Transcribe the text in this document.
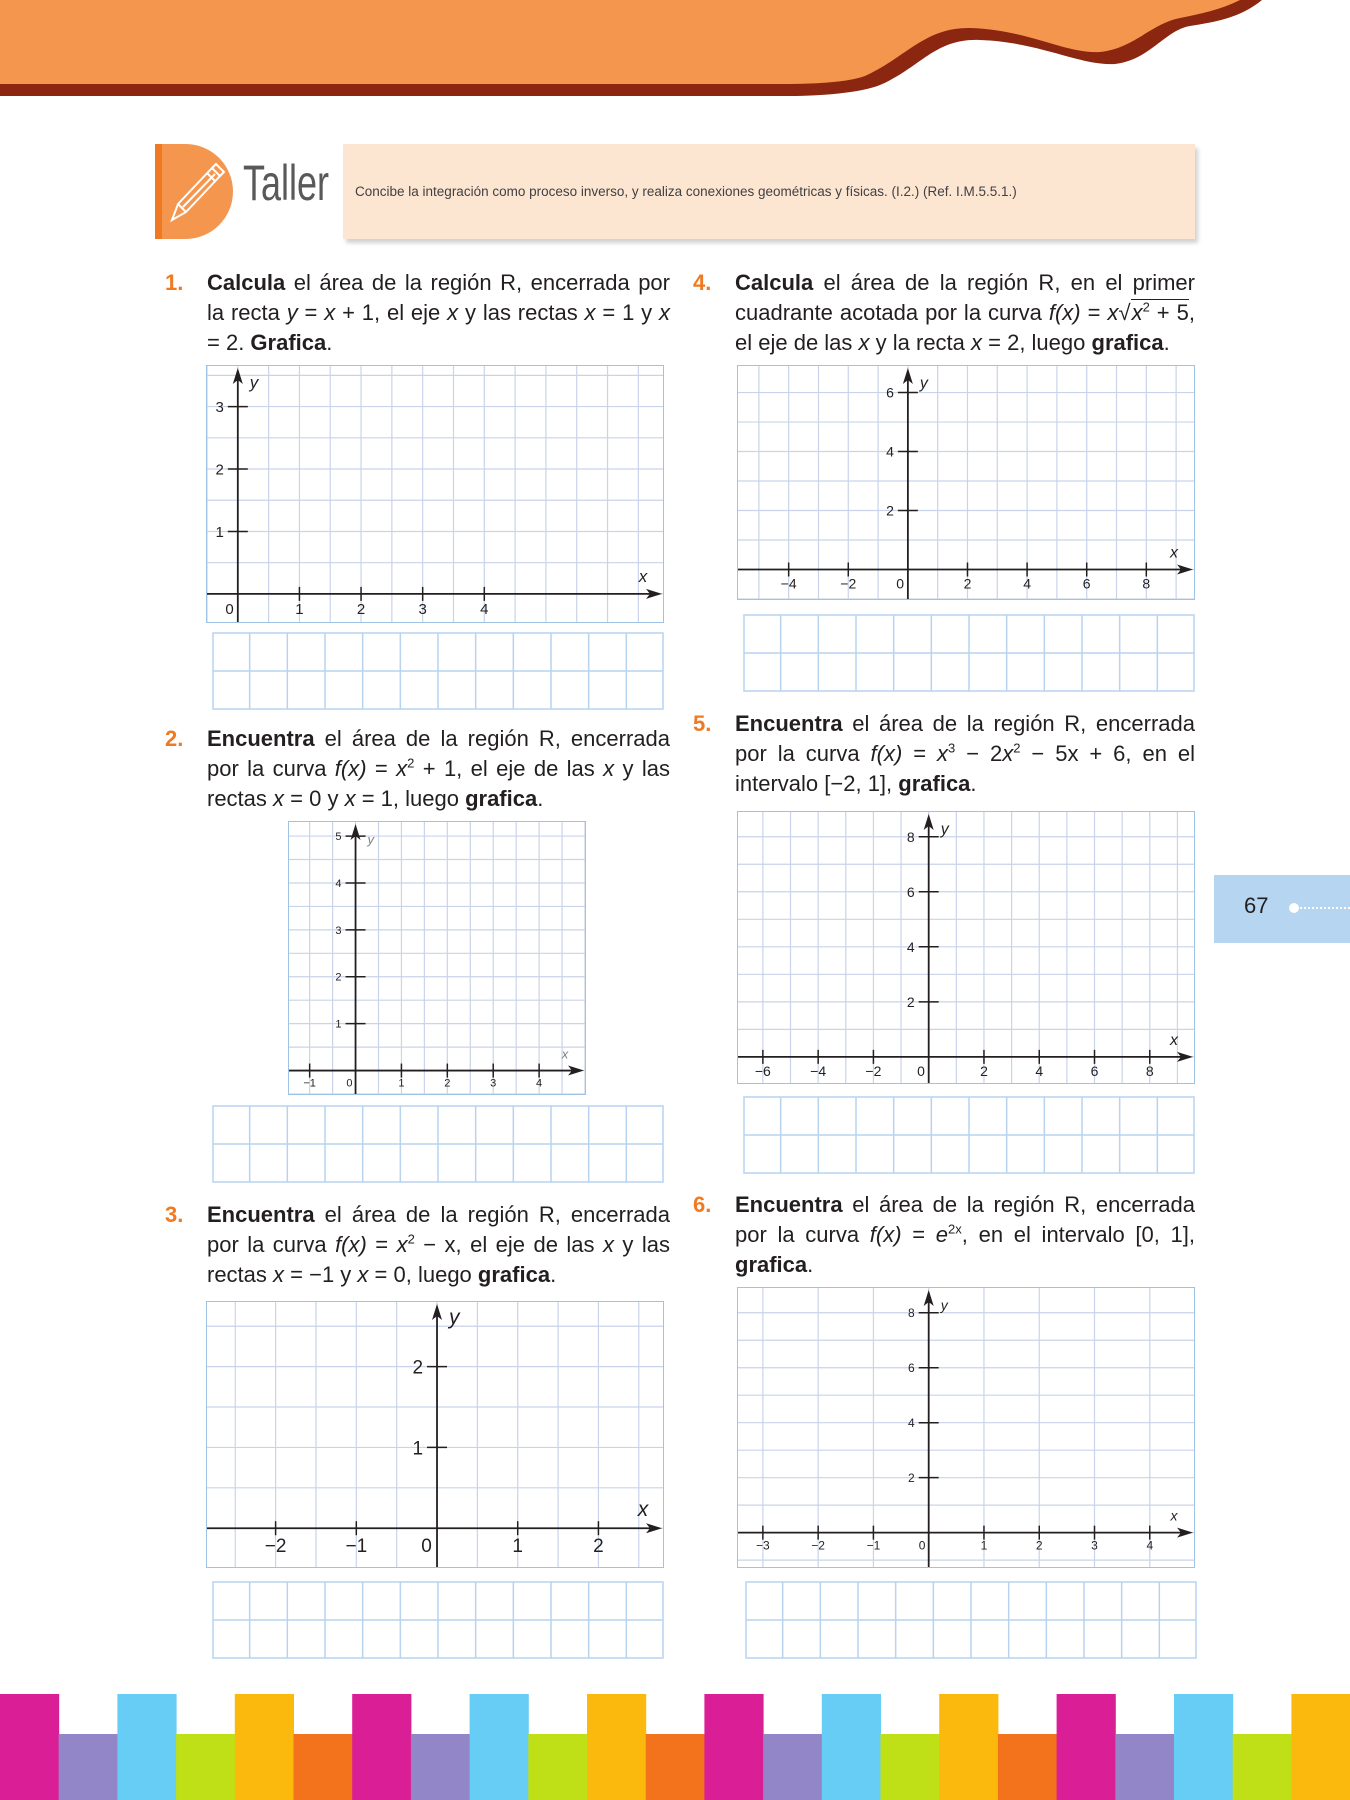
Taller Concibe la integración como proceso inverso, y realiza conexiones geométricas y físicas. (I.2.) (Ref. I.M.5.5.1.)
1. Calcula el área de la región R, encerrada por la recta y = x + 1, el eje x y las rectas x = 1 y x = 2. Grafica.
0	1	2	3	4
1
2
3
x
y
2. Encuentra el área de la región R, encerrada por la curva $f(x) = x^2 + 1$, el eje de las x y las rectas x = 0 y x = 1, luego grafica.
−1	0	1	2	3	4
1
2
3
4
5
x
y
3. Encuentra el área de la región R, encerrada por la curva $f(x) = x^2 - x$, el eje de las x y las rectas x = −1 y x = 0, luego grafica.
−2	−1	0	1	2
1
2
x
y
4. Calcula el área de la región R, en el primer cuadrante acotada por la curva $f(x) = x√x^2 + 5$, el eje de las x y la recta x = 2, luego grafica.
−4	−2	0	2	4	6	8
2
4
6
x
y
5. Encuentra el área de la región R, encerrada por la curva $f(x) = x^3 - 2x^2 - 5x + 6$, en el intervalo [−2, 1], grafica.
−6	−4	−2	0	2	4	6	8
2
4
6
8
x
y
6. Encuentra el área de la región R, encerrada por la curva $f(x) = e^{2x}$, en el intervalo [0, 1], grafica.
−3	−2	−1	0	1	2	3	4
2
4
6
8
x
y
67
